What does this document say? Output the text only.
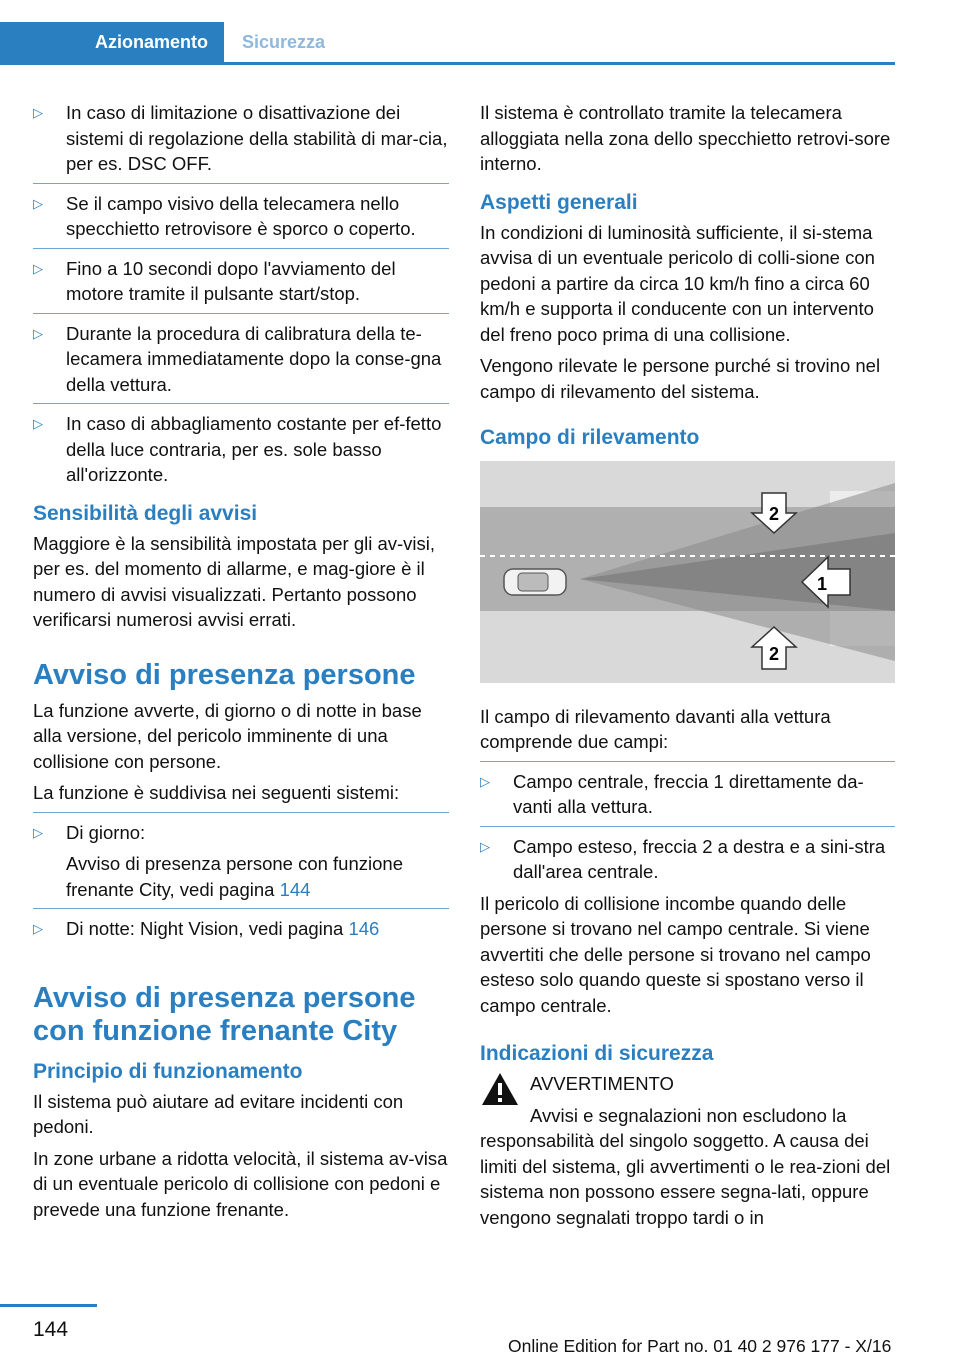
Azionamento	Sicurezza
▷ In caso di limitazione o disattivazione dei sistemi di regolazione della stabilità di mar‐cia, per es. DSC OFF.
▷ Se il campo visivo della telecamera nello specchietto retrovisore è sporco o coperto.
▷ Fino a 10 secondi dopo l'avviamento del motore tramite il pulsante start/stop.
▷ Durante la procedura di calibratura della te‐lecamera immediatamente dopo la conse‐gna della vettura.
▷ In caso di abbagliamento costante per ef‐fetto della luce contraria, per es. sole basso all'orizzonte.
Sensibilità degli avvisi

Maggiore è la sensibilità impostata per gli av‐visi, per es. del momento di allarme, e mag‐giore è il numero di avvisi visualizzati. Pertanto possono verificarsi numerosi avvisi errati.

Avviso di presenza persone

La funzione avverte, di giorno o di notte in base alla versione, del pericolo imminente di una collisione con persone.

La funzione è suddivisa nei seguenti sistemi:

▷ Di giorno:
Avviso di presenza persone con funzione frenante City, vedi pagina 144
▷ Di notte: Night Vision, vedi pagina 146
Avviso di presenza persone con funzione frenante City
Principio di funzionamento

Il sistema può aiutare ad evitare incidenti con pedoni.

In zone urbane a ridotta velocità, il sistema av‐visa di un eventuale pericolo di collisione con pedoni e prevede una funzione frenante.

Il sistema è controllato tramite la telecamera alloggiata nella zona dello specchietto retrovi‐sore interno.

Aspetti generali

In condizioni di luminosità sufficiente, il si‐stema avvisa di un eventuale pericolo di colli‐sione con pedoni a partire da circa 10 km/h fino a circa 60 km/h e supporta il conducente con un intervento del freno poco prima di una collisione.

Vengono rilevate le persone purché si trovino nel campo di rilevamento del sistema.

Campo di rilevamento
1
2
2

Il campo di rilevamento davanti alla vettura comprende due campi:

▷ Campo centrale, freccia 1 direttamente da‐vanti alla vettura.
▷ Campo esteso, freccia 2 a destra e a sini‐stra dall'area centrale.

Il pericolo di collisione incombe quando delle persone si trovano nel campo centrale. Si viene avvertiti che delle persone si trovano nel campo esteso solo quando queste si spostano verso il campo centrale.

Indicazioni di sicurezza

AVVERTIMENTO

Avvisi e segnalazioni non escludono la

responsabilità del singolo soggetto. A causa dei limiti del sistema, gli avvertimenti o le rea‐zioni del sistema non possono essere segna‐lati, oppure vengono segnalati troppo tardi o in

144
Online Edition for Part no. 01 40 2 976 177 - X/16
